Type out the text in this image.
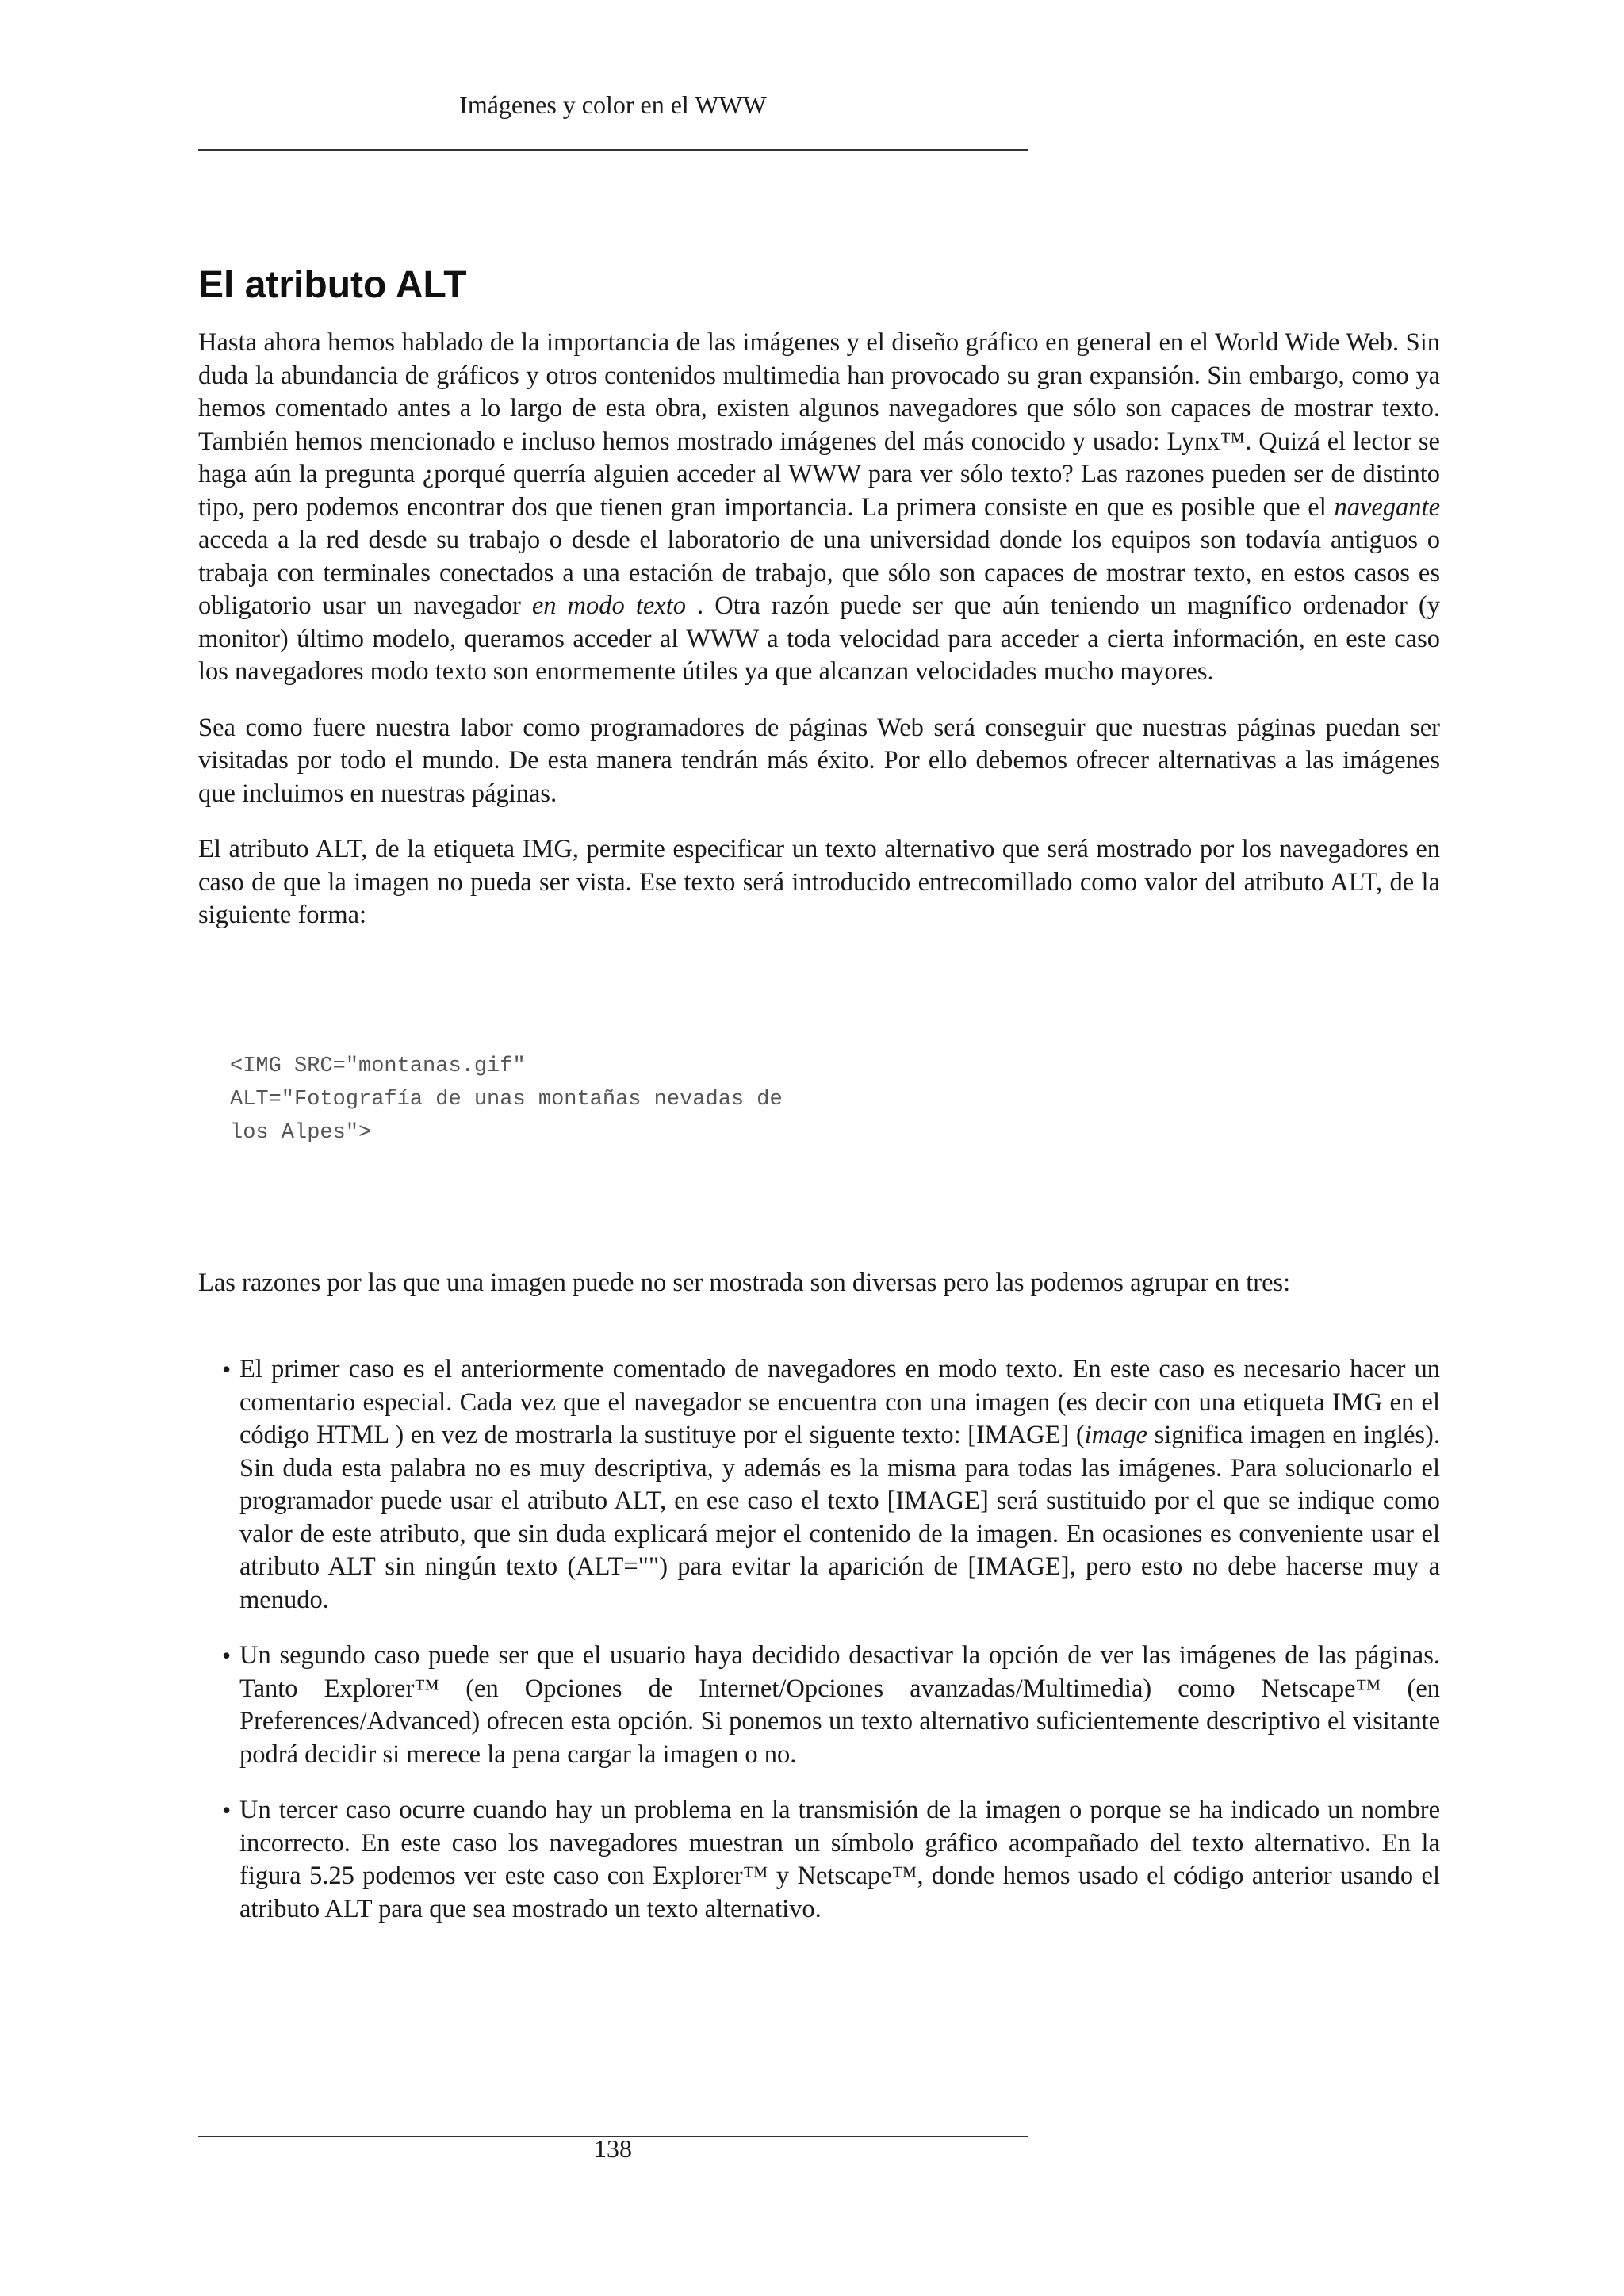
Imágenes y color en el WWW
El atributo ALT

Hasta ahora hemos hablado de la importancia de las imágenes y el diseño gráfico en general en el World Wide Web. Sin duda la abundancia de gráficos y otros contenidos multimedia han provocado su gran expansión. Sin embargo, como ya hemos comentado antes a lo largo de esta obra, existen algunos navegadores que sólo son capaces de mostrar texto. También hemos mencionado e incluso hemos mostrado imágenes del más conocido y usado: Lynx™. Quizá el lector se haga aún la pregunta ¿porqué querría alguien acceder al WWW para ver sólo texto? Las razones pueden ser de distinto tipo, pero podemos encontrar dos que tienen gran importancia. La primera consiste en que es posible que el navegante acceda a la red desde su trabajo o desde el laboratorio de una universidad donde los equipos son todavía antiguos o trabaja con terminales conectados a una estación de trabajo, que sólo son capaces de mostrar texto, en estos casos es obligatorio usar un navegador en modo texto . Otra razón puede ser que aún teniendo un magnífico ordenador (y monitor) último modelo, queramos acceder al WWW a toda velocidad para acceder a cierta información, en este caso los navegadores modo texto son enormemente útiles ya que alcanzan velocidades mucho mayores.

Sea como fuere nuestra labor como programadores de páginas Web será conseguir que nuestras páginas puedan ser visitadas por todo el mundo. De esta manera tendrán más éxito. Por ello debemos ofrecer alternativas a las imágenes que incluimos en nuestras páginas.

El atributo ALT, de la etiqueta IMG, permite especificar un texto alternativo que será mostrado por los navegadores en caso de que la imagen no pueda ser vista. Ese texto será introducido entrecomillado como valor del atributo ALT, de la siguiente forma:

<IMG SRC="montanas.gif"
ALT="Fotografía de unas montañas nevadas de
los Alpes">

Las razones por las que una imagen puede no ser mostrada son diversas pero las podemos agrupar en tres:

• El primer caso es el anteriormente comentado de navegadores en modo texto. En este caso es necesario hacer un comentario especial. Cada vez que el navegador se encuentra con una imagen (es decir con una etiqueta IMG en el código HTML ) en vez de mostrarla la sustituye por el siguente texto: [IMAGE] (image significa imagen en inglés). Sin duda esta palabra no es muy descriptiva, y además es la misma para todas las imágenes. Para solucionarlo el programador puede usar el atributo ALT, en ese caso el texto [IMAGE] será sustituido por el que se indique como valor de este atributo, que sin duda explicará mejor el contenido de la imagen. En ocasiones es conveniente usar el atributo ALT sin ningún texto (ALT="") para evitar la aparición de [IMAGE], pero esto no debe hacerse muy a menudo.

• Un segundo caso puede ser que el usuario haya decidido desactivar la opción de ver las imágenes de las páginas. Tanto Explorer™ (en Opciones de Internet/Opciones avanzadas/Multimedia) como Netscape™ (en Preferences/Advanced) ofrecen esta opción. Si ponemos un texto alternativo suficientemente descriptivo el visitante podrá decidir si merece la pena cargar la imagen o no.

• Un tercer caso ocurre cuando hay un problema en la transmisión de la imagen o porque se ha indicado un nombre incorrecto. En este caso los navegadores muestran un símbolo gráfico acompañado del texto alternativo. En la figura 5.25 podemos ver este caso con Explorer™ y Netscape™, donde hemos usado el código anterior usando el atributo ALT para que sea mostrado un texto alternativo.

138
